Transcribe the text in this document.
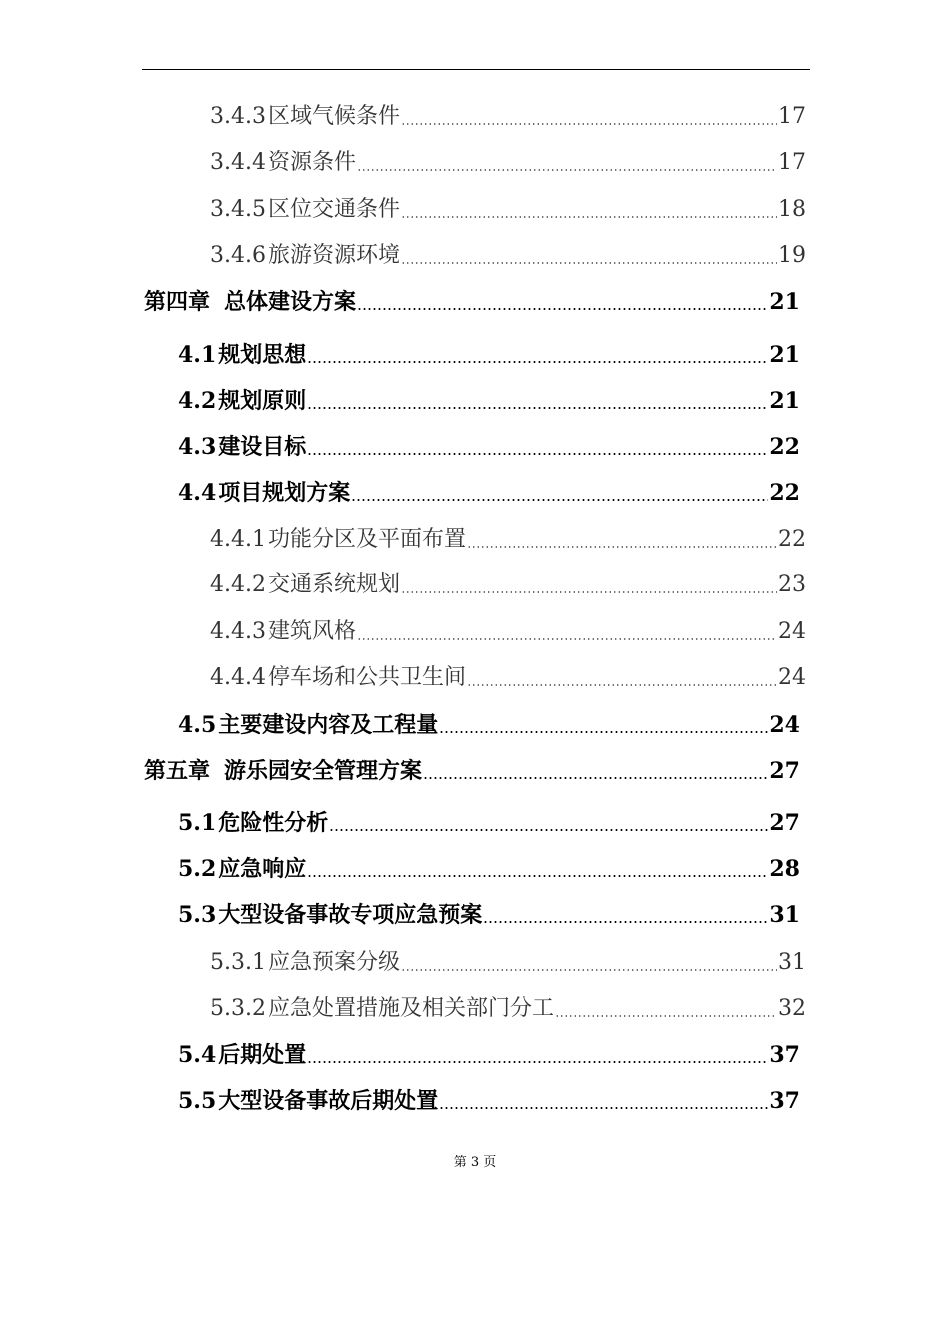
3.4.3 区域气候条件	17
3.4.4 资源条件	17
3.4.5 区位交通条件	18
3.4.6 旅游资源环境	19
第四章 总体建设方案	21
4.1 规划思想	21
4.2 规划原则	21
4.3 建设目标	22
4.4 项目规划方案	22
4.4.1 功能分区及平面布置	22
4.4.2 交通系统规划	23
4.4.3 建筑风格	24
4.4.4 停车场和公共卫生间	24
4.5 主要建设内容及工程量	24
第五章 游乐园安全管理方案	27
5.1 危险性分析	27
5.2 应急响应	28
5.3 大型设备事故专项应急预案	31
5.3.1 应急预案分级	31
5.3.2 应急处置措施及相关部门分工	32
5.4 后期处置	37
5.5 大型设备事故后期处置	37
第 3 页
